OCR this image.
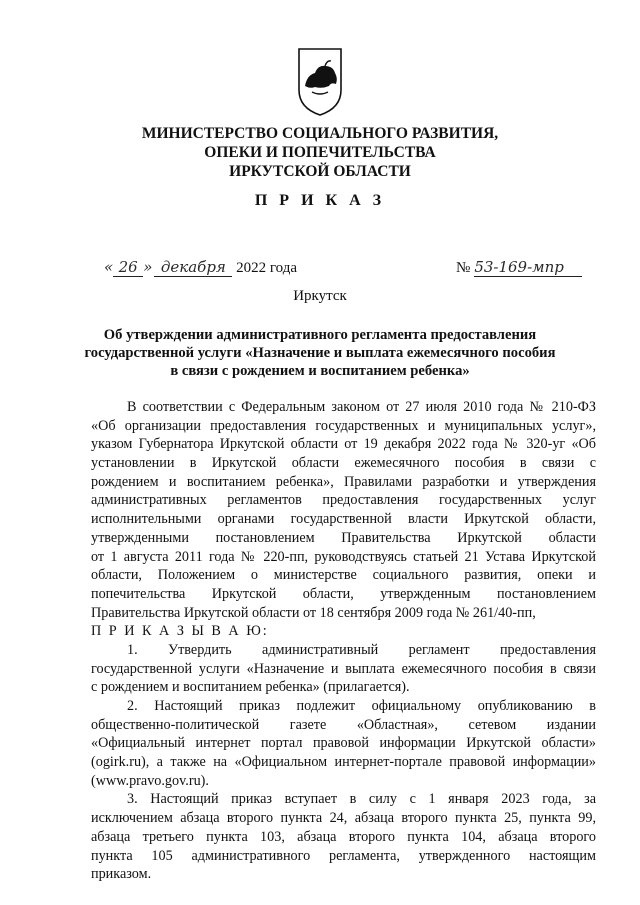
МИНИСТЕРСТВО СОЦИАЛЬНОГО РАЗВИТИЯ,
ОПЕКИ И ПОПЕЧИТЕЛЬСТВА
ИРКУТСКОЙ ОБЛАСТИ
П Р И К А З
« 26 » декабря 2022 года	№ 53-169-мпр
Иркутск
Об утверждении административного регламента предоставления
государственной услуги «Назначение и выплата ежемесячного пособия
в связи с рождением и воспитанием ребенка»
В соответствии с Федеральным законом от 27 июля 2010 года № 210-ФЗ
«Об организации предоставления государственных и муниципальных услуг»,
указом Губернатора Иркутской области от 19 декабря 2022 года № 320-уг «Об
установлении в Иркутской области ежемесячного пособия в связи с
рождением и воспитанием ребенка», Правилами разработки и утверждения
административных регламентов предоставления государственных услуг
исполнительными органами государственной власти Иркутской области,
утвержденными постановлением Правительства Иркутской области
от 1 августа 2011 года № 220-пп, руководствуясь статьей 21 Устава Иркутской
области, Положением о министерстве социального развития, опеки и
попечительства Иркутской области, утвержденным постановлением
Правительства Иркутской области от 18 сентября 2009 года № 261/40-пп,
П Р И К А З Ы В А Ю:
1. Утвердить административный регламент предоставления
государственной услуги «Назначение и выплата ежемесячного пособия в связи
с рождением и воспитанием ребенка» (прилагается).
2. Настоящий приказ подлежит официальному опубликованию в
общественно-политической газете «Областная», сетевом издании
«Официальный интернет портал правовой информации Иркутской области»
(ogirk.ru), а также на «Официальном интернет-портале правовой информации»
(www.pravo.gov.ru).
3. Настоящий приказ вступает в силу с 1 января 2023 года, за
исключением абзаца второго пункта 24, абзаца второго пункта 25, пункта 99,
абзаца третьего пункта 103, абзаца второго пункта 104, абзаца второго
пункта 105 административного регламента, утвержденного настоящим
приказом.
